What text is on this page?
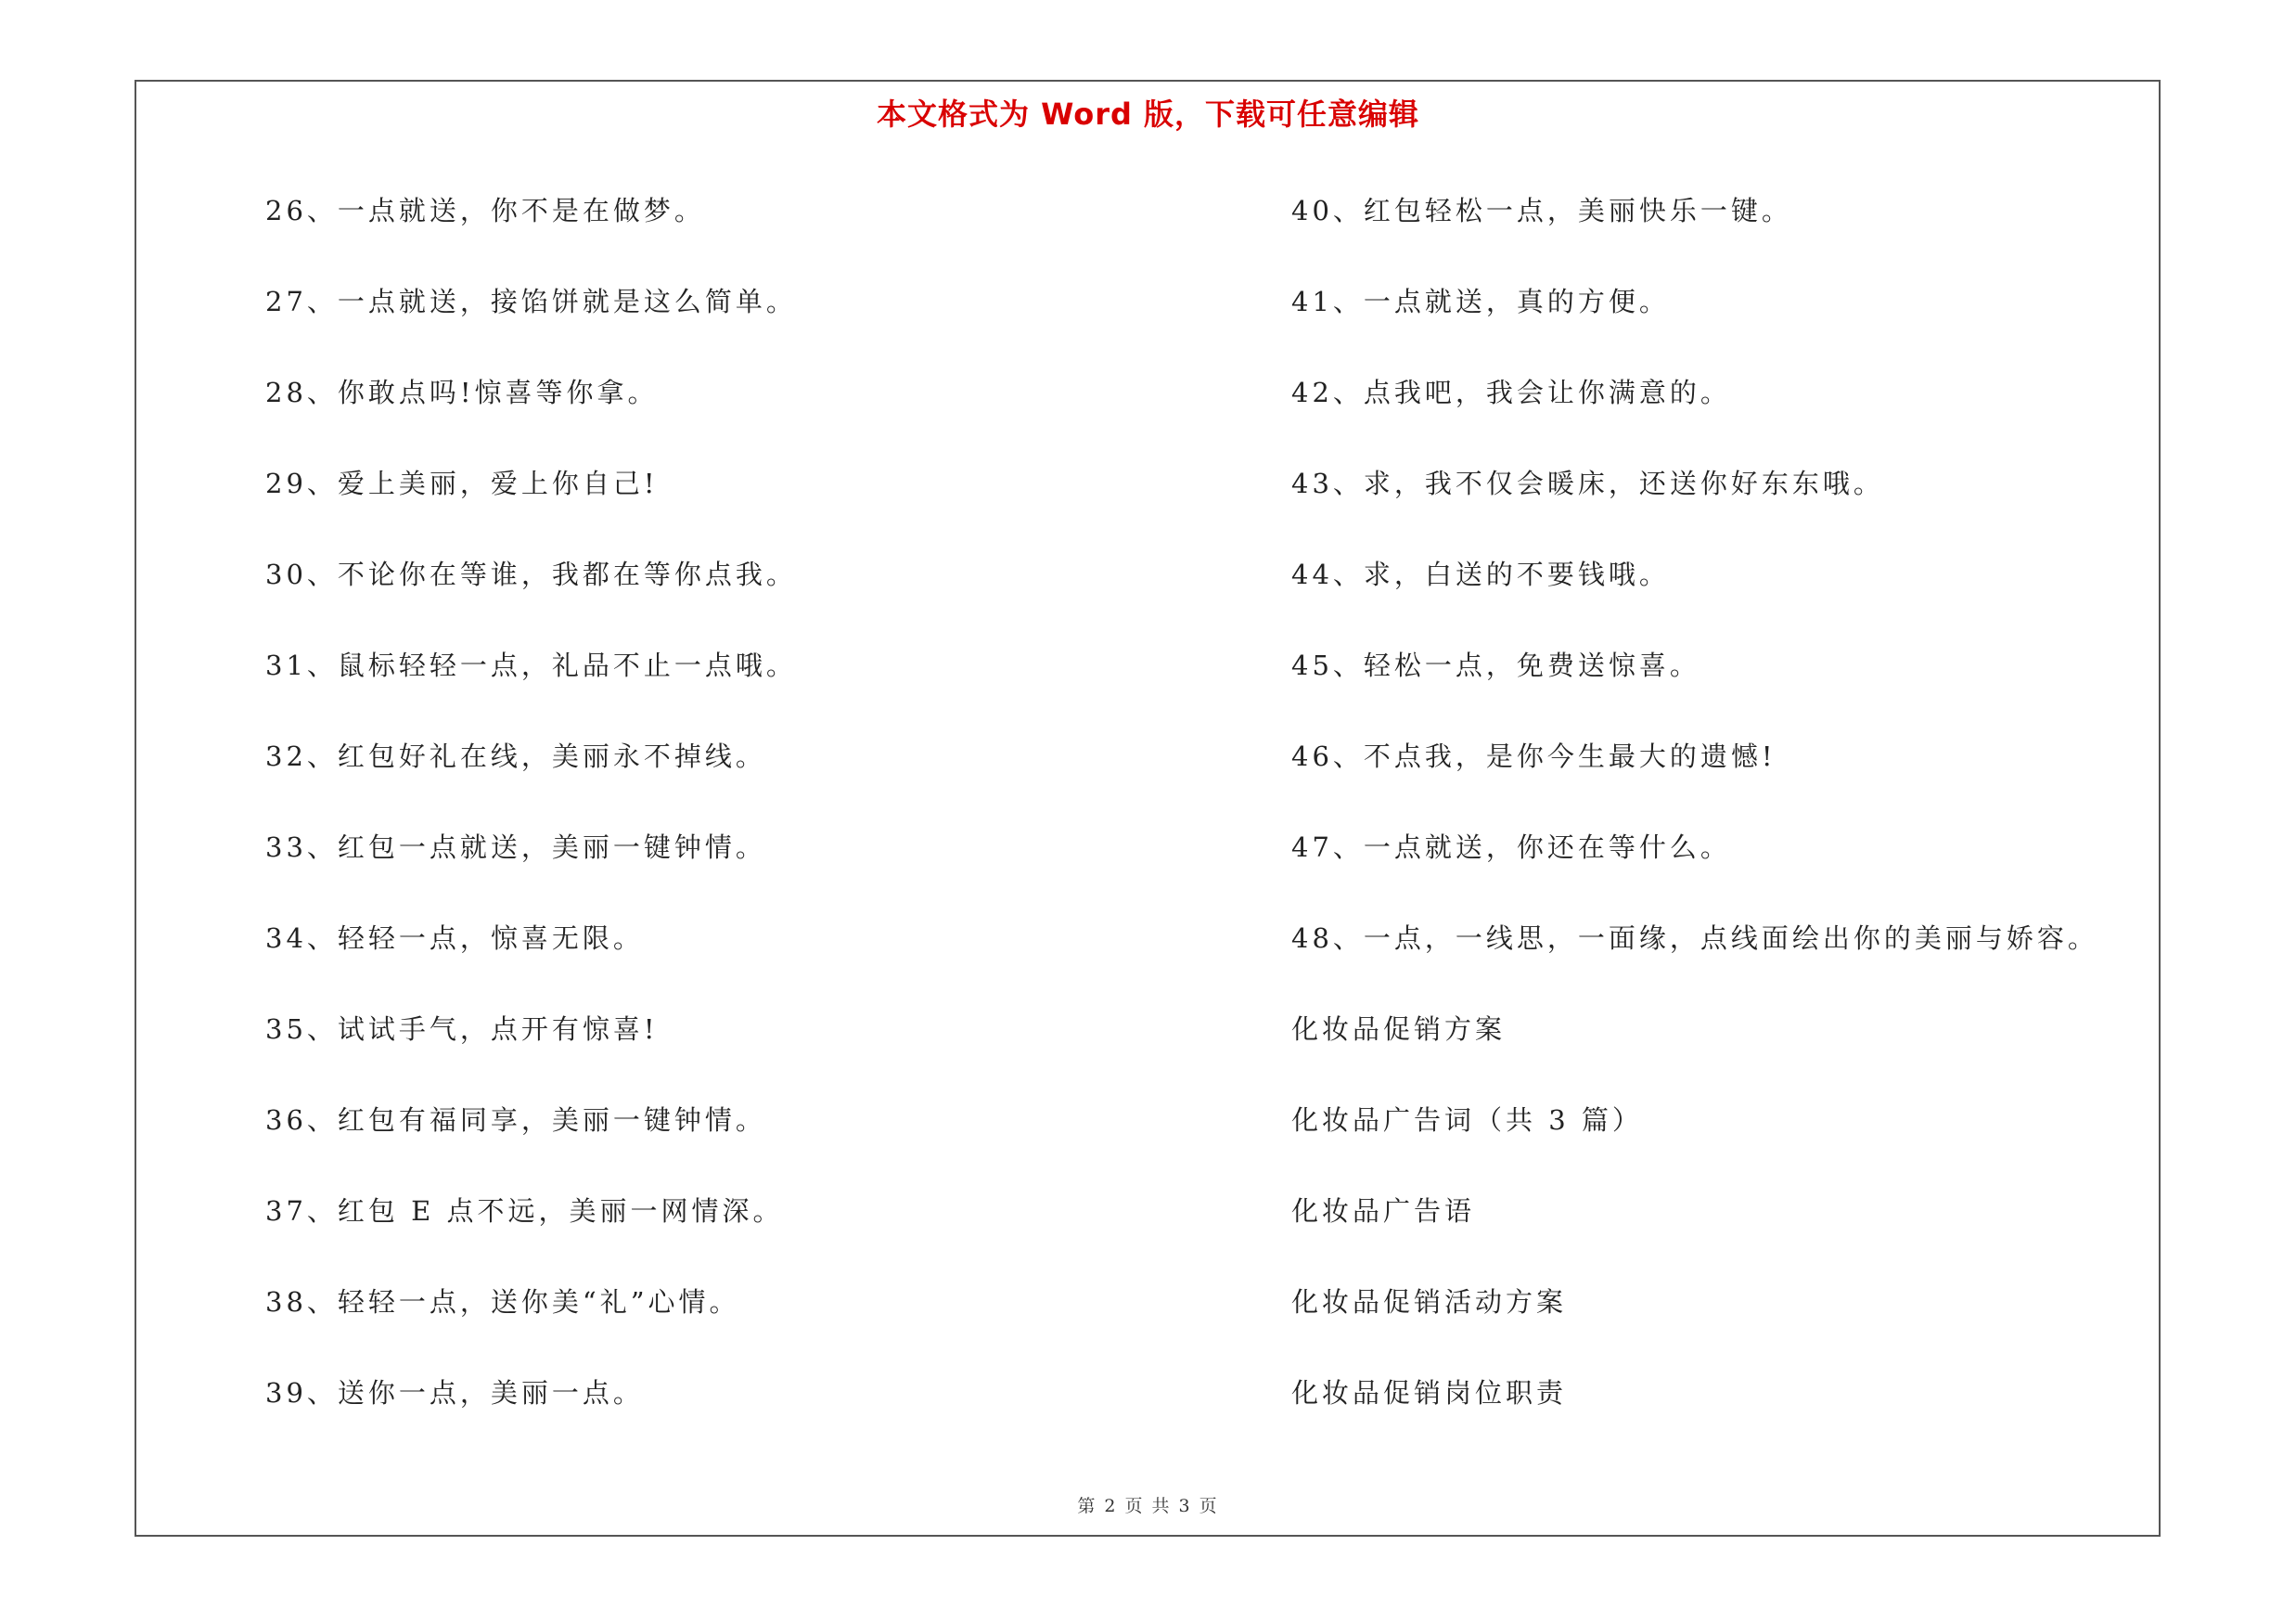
本文格式为 Word 版，下载可任意编辑
26、一点就送，你不是在做梦。
27、一点就送，接馅饼就是这么简单。
28、你敢点吗!惊喜等你拿。
29、爱上美丽，爱上你自己!
30、不论你在等谁，我都在等你点我。
31、鼠标轻轻一点，礼品不止一点哦。
32、红包好礼在线，美丽永不掉线。
33、红包一点就送，美丽一键钟情。
34、轻轻一点，惊喜无限。
35、试试手气，点开有惊喜!
36、红包有福同享，美丽一键钟情。
37、红包 E 点不远，美丽一网情深。
38、轻轻一点，送你美“礼”心情。
39、送你一点，美丽一点。
40、红包轻松一点，美丽快乐一键。
41、一点就送，真的方便。
42、点我吧，我会让你满意的。
43、求，我不仅会暖床，还送你好东东哦。
44、求，白送的不要钱哦。
45、轻松一点，免费送惊喜。
46、不点我，是你今生最大的遗憾!
47、一点就送，你还在等什么。
48、一点，一线思，一面缘，点线面绘出你的美丽与娇容。
化妆品促销方案
化妆品广告词（共 3 篇）
化妆品广告语
化妆品促销活动方案
化妆品促销岗位职责
第 2 页 共 3 页
